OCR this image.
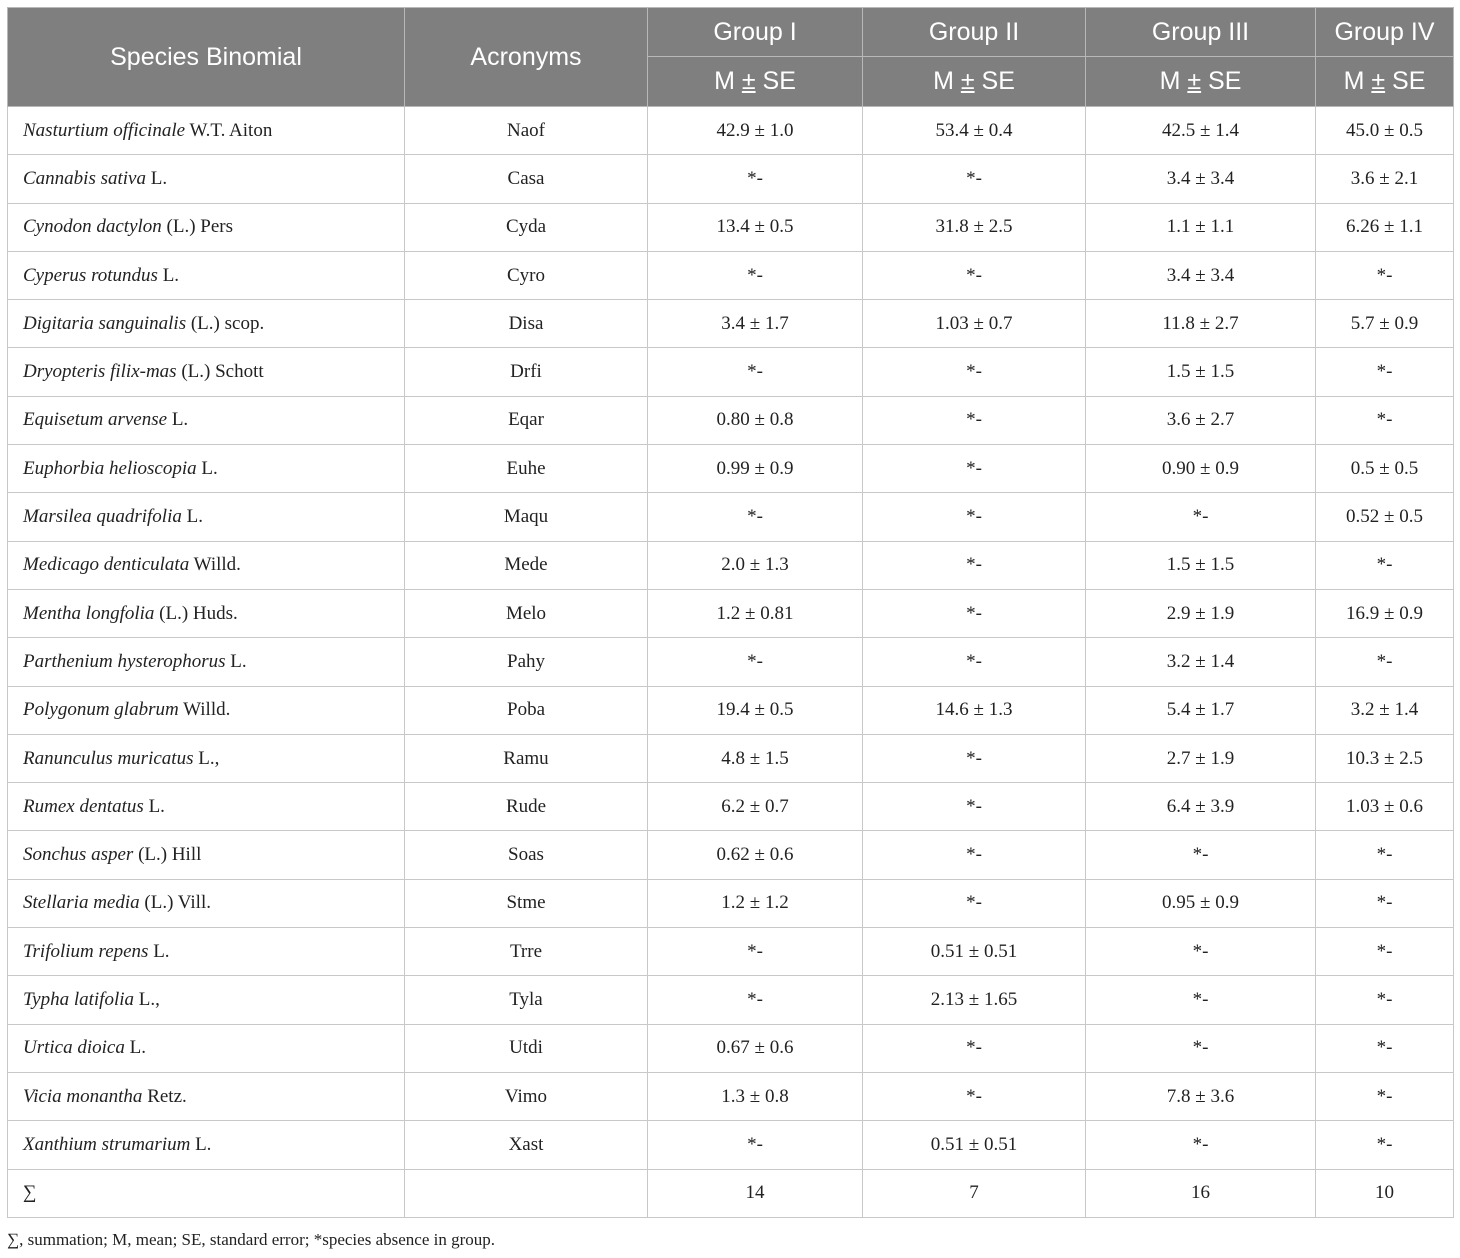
Species Binomial	Acronyms	Group I	Group II	Group III	Group IV
		M ± SE	M ± SE	M ± SE	M ± SE
Nasturtium officinale W.T. Aiton	Naof	42.9 ± 1.0	53.4 ± 0.4	42.5 ± 1.4	45.0 ± 0.5
Cannabis sativa L.	Casa	*-	*-	3.4 ± 3.4	3.6 ± 2.1
Cynodon dactylon (L.) Pers	Cyda	13.4 ± 0.5	31.8 ± 2.5	1.1 ± 1.1	6.26 ± 1.1
Cyperus rotundus L.	Cyro	*-	*-	3.4 ± 3.4	*-
Digitaria sanguinalis (L.) scop.	Disa	3.4 ± 1.7	1.03 ± 0.7	11.8 ± 2.7	5.7 ± 0.9
Dryopteris filix-mas (L.) Schott	Drfi	*-	*-	1.5 ± 1.5	*-
Equisetum arvense L.	Eqar	0.80 ± 0.8	*-	3.6 ± 2.7	*-
Euphorbia helioscopia L.	Euhe	0.99 ± 0.9	*-	0.90 ± 0.9	0.5 ± 0.5
Marsilea quadrifolia L.	Maqu	*-	*-	*-	0.52 ± 0.5
Medicago denticulata Willd.	Mede	2.0 ± 1.3	*-	1.5 ± 1.5	*-
Mentha longfolia (L.) Huds.	Melo	1.2 ± 0.81	*-	2.9 ± 1.9	16.9 ± 0.9
Parthenium hysterophorus L.	Pahy	*-	*-	3.2 ± 1.4	*-
Polygonum glabrum Willd.	Poba	19.4 ± 0.5	14.6 ± 1.3	5.4 ± 1.7	3.2 ± 1.4
Ranunculus muricatus L.,	Ramu	4.8 ± 1.5	*-	2.7 ± 1.9	10.3 ± 2.5
Rumex dentatus L.	Rude	6.2 ± 0.7	*-	6.4 ± 3.9	1.03 ± 0.6
Sonchus asper (L.) Hill	Soas	0.62 ± 0.6	*-	*-	*-
Stellaria media (L.) Vill.	Stme	1.2 ± 1.2	*-	0.95 ± 0.9	*-
Trifolium repens L.	Trre	*-	0.51 ± 0.51	*-	*-
Typha latifolia L.,	Tyla	*-	2.13 ± 1.65	*-	*-
Urtica dioica L.	Utdi	0.67 ± 0.6	*-	*-	*-
Vicia monantha Retz.	Vimo	1.3 ± 0.8	*-	7.8 ± 3.6	*-
Xanthium strumarium L.	Xast	*-	0.51 ± 0.51	*-	*-
∑		14	7	16	10
∑, summation; M, mean; SE, standard error; *species absence in group.
